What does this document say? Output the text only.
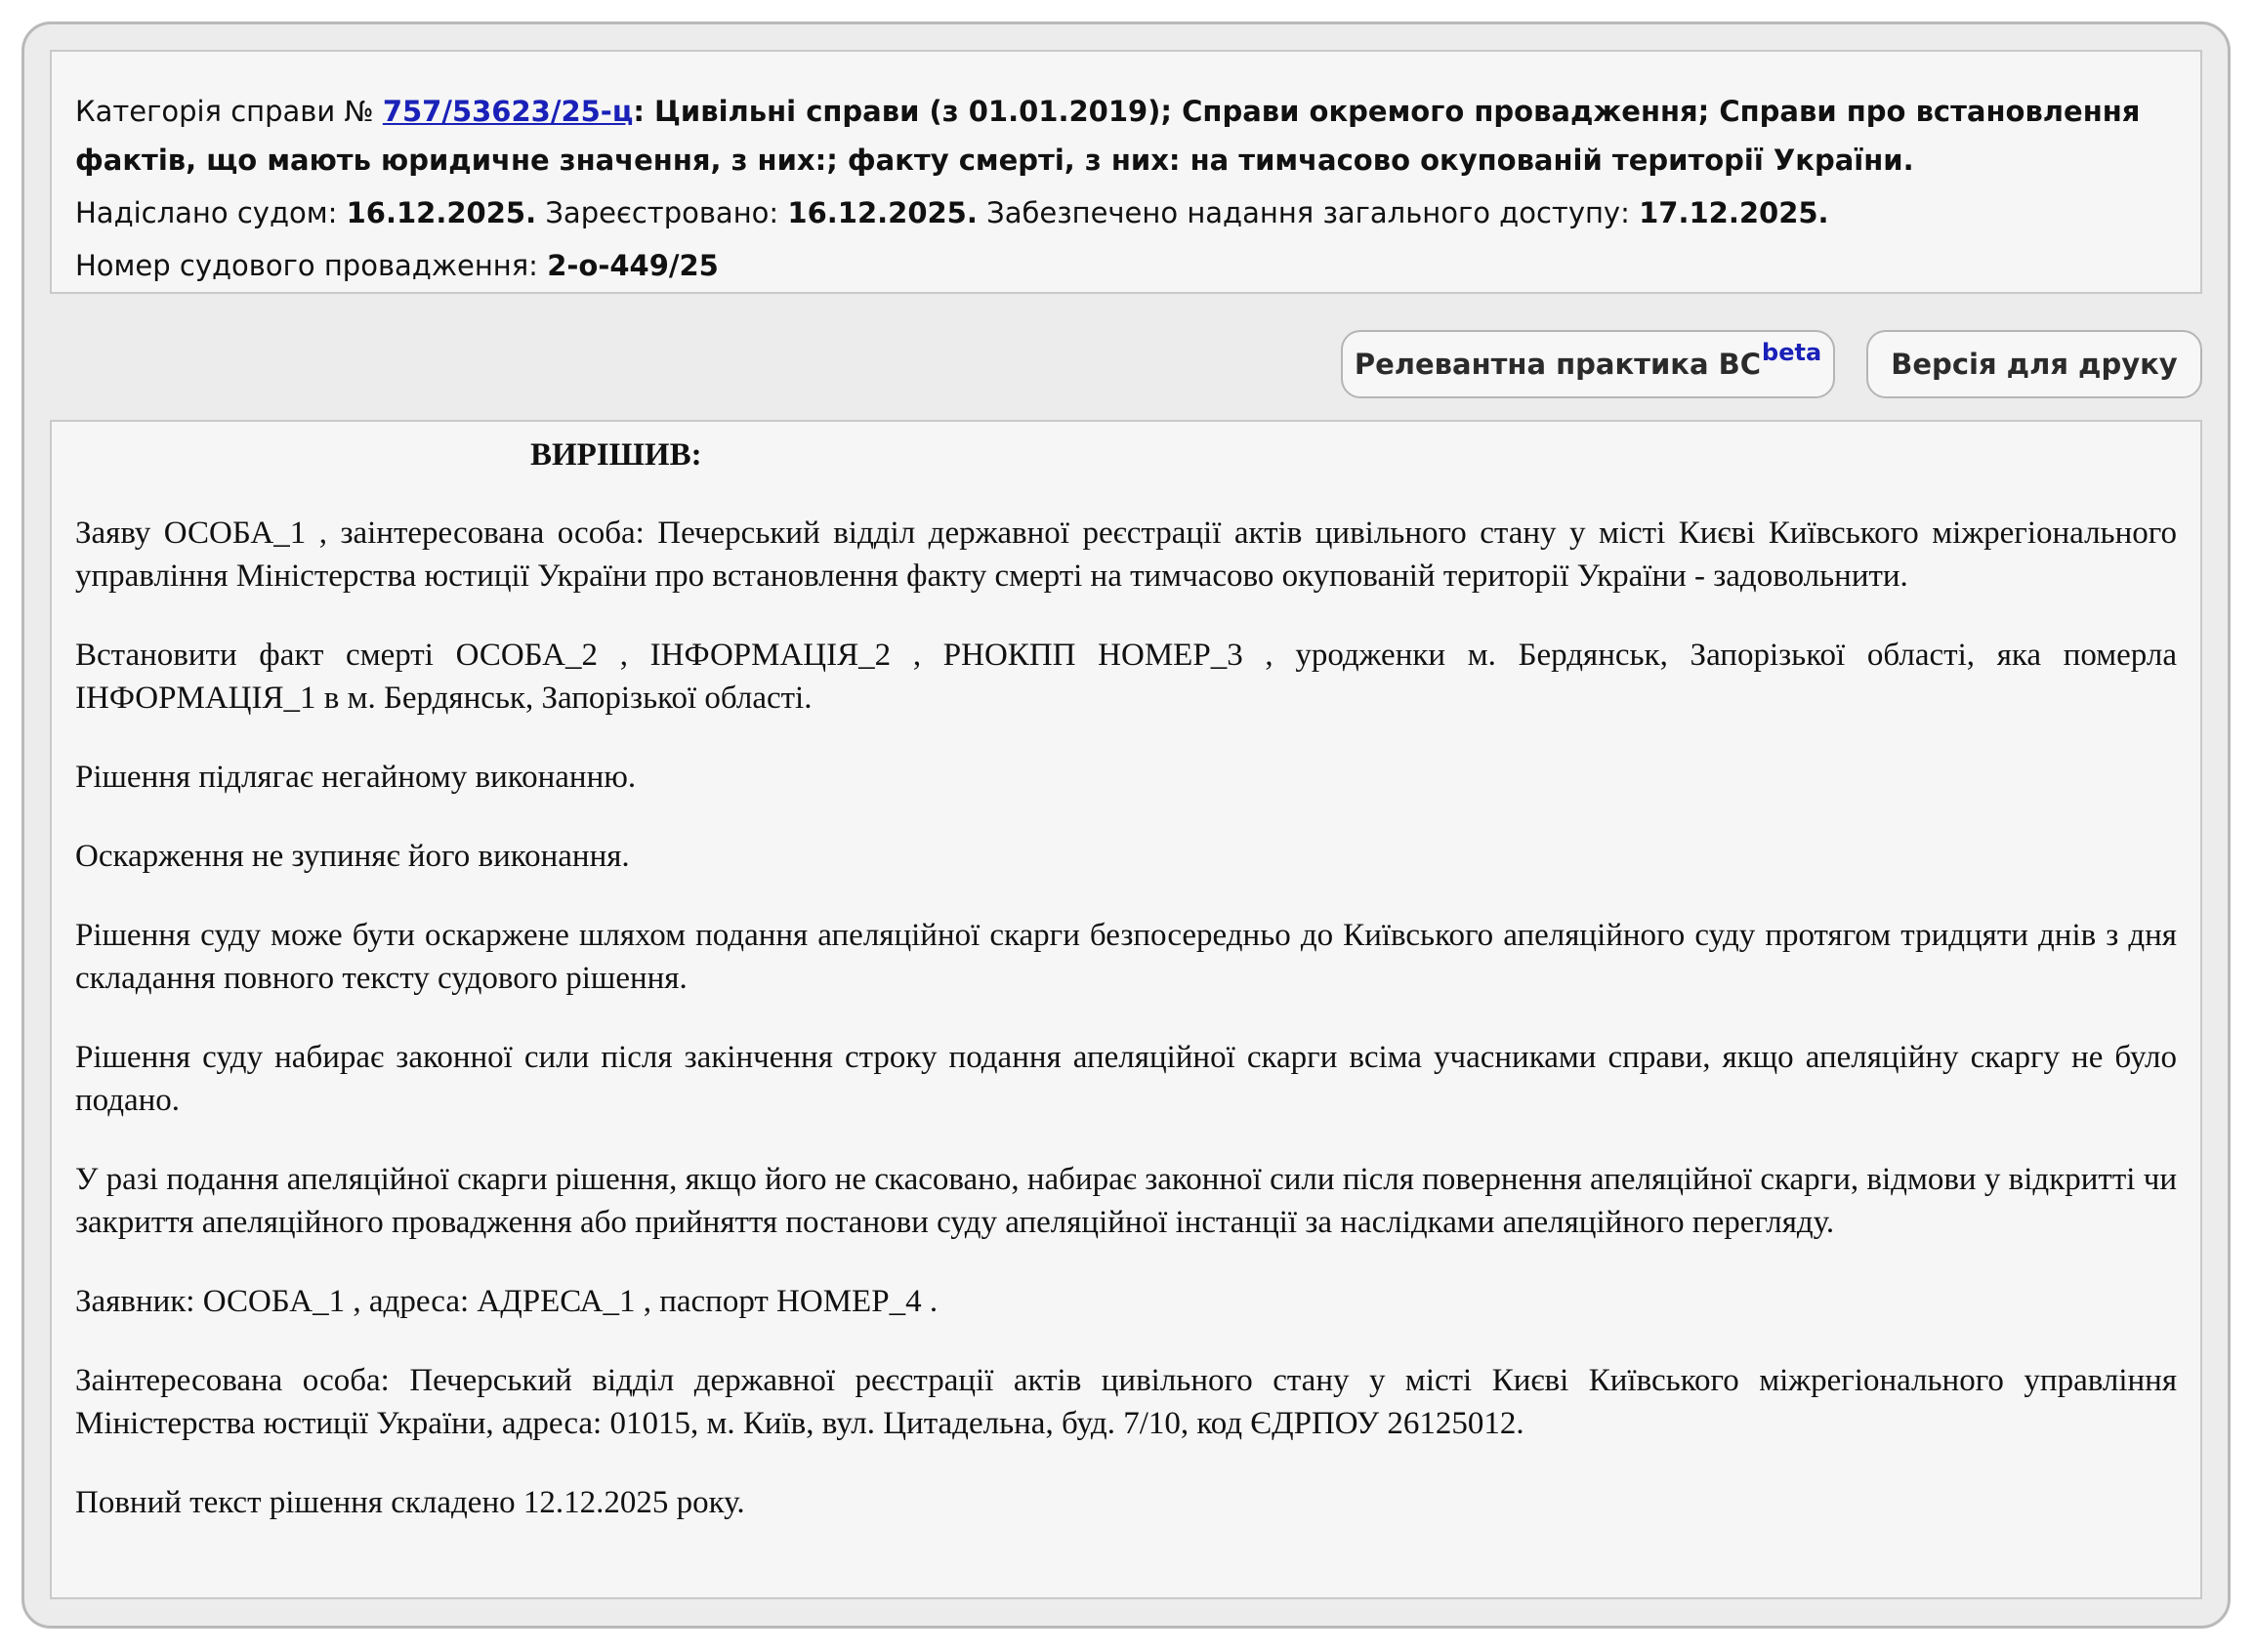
Категорія справи № 757/53623/25-ц: Цивільні справи (з 01.01.2019); Справи окремого провадження; Справи про встановлення
фактів, що мають юридичне значення, з них:; факту смерті, з них: на тимчасово окупованій території України.
Надіслано судом: 16.12.2025. Зареєстровано: 16.12.2025. Забезпечено надання загального доступу: 17.12.2025.
Номер судового провадження: 2-о-449/25
Релевантна практика $ВС^{beta}$ Версія для друку
ВИРІШИВ:

Заяву ОСОБА_1 , заінтересована особа: Печерський відділ державної реєстрації актів цивільного стану у місті Києві Київського міжрегіонального управління Міністерства юстиції України про встановлення факту смерті на тимчасово окупованій території України - задовольнити.

Встановити факт смерті ОСОБА_2 , ІНФОРМАЦІЯ_2 , РНОКПП НОМЕР_3 , уродженки м. Бердянськ, Запорізької області, яка померла ІНФОРМАЦІЯ_1 в м. Бердянськ, Запорізької області.

Рішення підлягає негайному виконанню.

Оскарження не зупиняє його виконання.

Рішення суду може бути оскаржене шляхом подання апеляційної скарги безпосередньо до Київського апеляційного суду протягом тридцяти днів з дня складання повного тексту судового рішення.

Рішення суду набирає законної сили після закінчення строку подання апеляційної скарги всіма учасниками справи, якщо апеляційну скаргу не було подано.

У разі подання апеляційної скарги рішення, якщо його не скасовано, набирає законної сили після повернення апеляційної скарги, відмови у відкритті чи закриття апеляційного провадження або прийняття постанови суду апеляційної інстанції за наслідками апеляційного перегляду.

Заявник: ОСОБА_1 , адреса: АДРЕСА_1 , паспорт НОМЕР_4 .

Заінтересована особа: Печерський відділ державної реєстрації актів цивільного стану у місті Києві Київського міжрегіонального управління Міністерства юстиції України, адреса: 01015, м. Київ, вул. Цитадельна, буд. 7/10, код ЄДРПОУ 26125012.

Повний текст рішення складено 12.12.2025 року.
